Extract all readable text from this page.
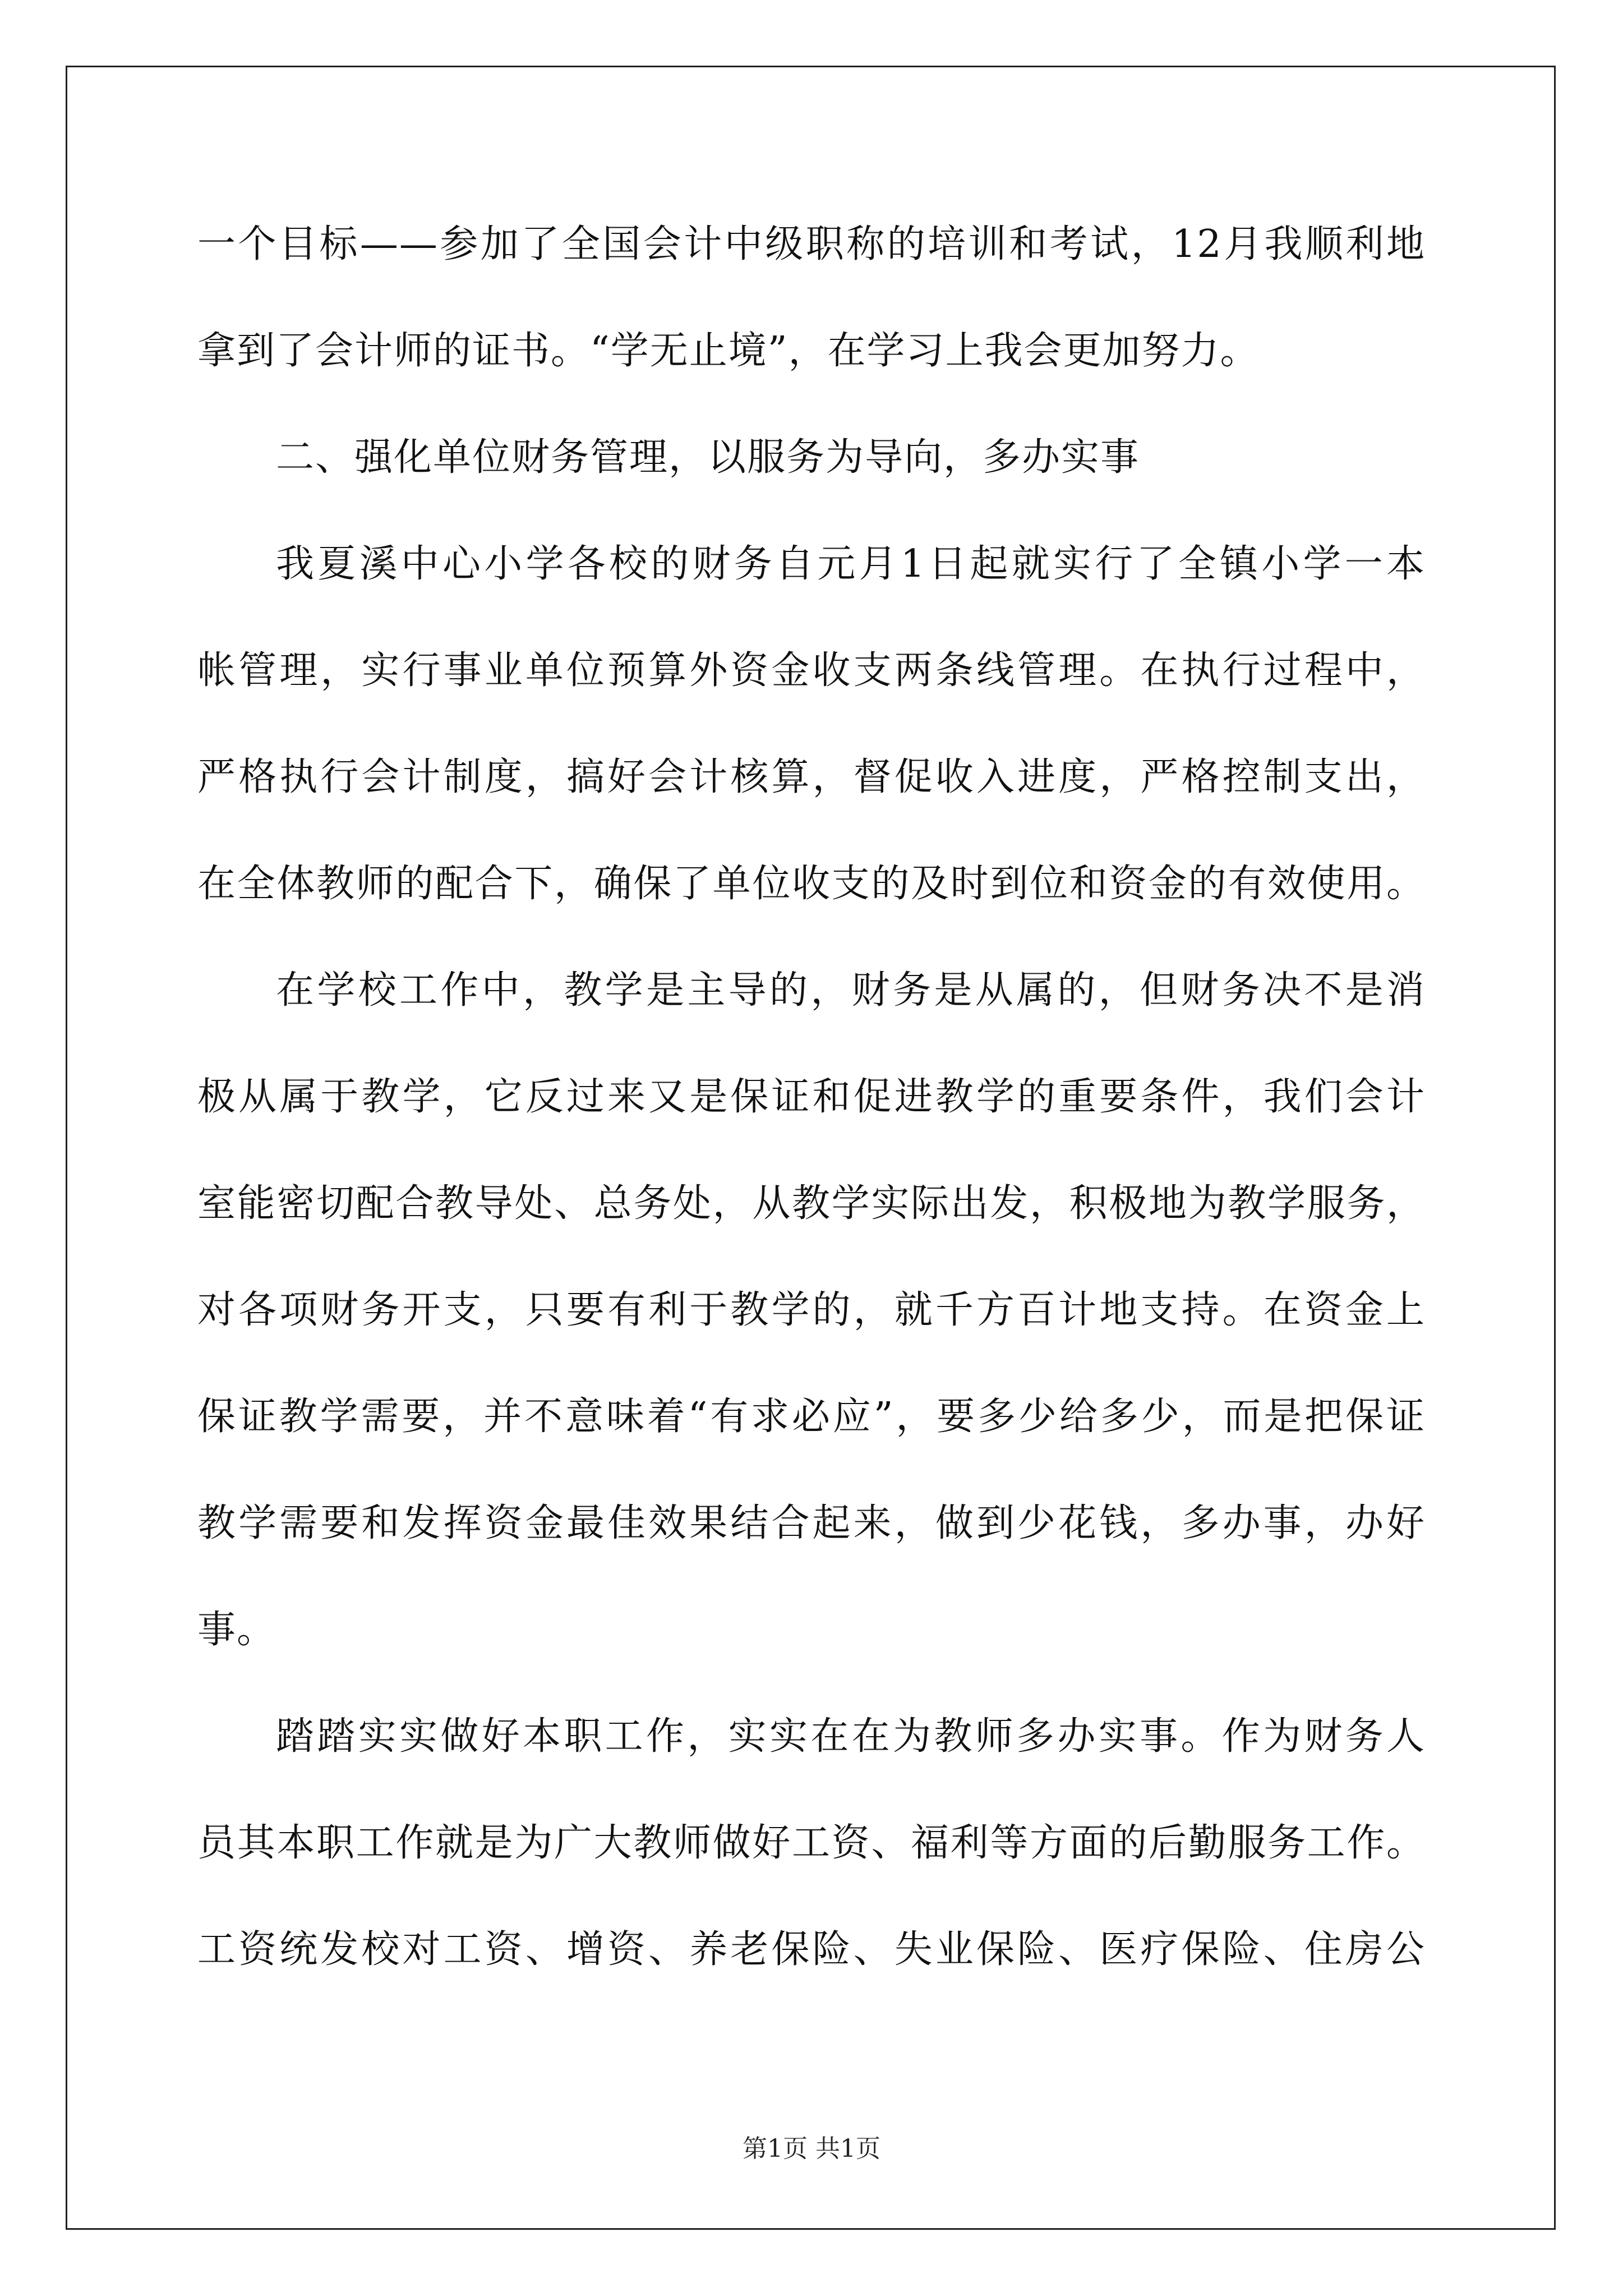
一个目标——参加了全国会计中级职称的培训和考试，12月我顺利地
拿到了会计师的证书。“学无止境”，在学习上我会更加努力。
二、强化单位财务管理，以服务为导向，多办实事
我夏溪中心小学各校的财务自元月1日起就实行了全镇小学一本
帐管理，实行事业单位预算外资金收支两条线管理。在执行过程中，
严格执行会计制度，搞好会计核算，督促收入进度，严格控制支出，
在全体教师的配合下，确保了单位收支的及时到位和资金的有效使用。
在学校工作中，教学是主导的，财务是从属的，但财务决不是消
极从属于教学，它反过来又是保证和促进教学的重要条件，我们会计
室能密切配合教导处、总务处，从教学实际出发，积极地为教学服务，
对各项财务开支，只要有利于教学的，就千方百计地支持。在资金上
保证教学需要，并不意味着“有求必应”，要多少给多少，而是把保证
教学需要和发挥资金最佳效果结合起来，做到少花钱，多办事，办好
事。
踏踏实实做好本职工作，实实在在为教师多办实事。作为财务人
员其本职工作就是为广大教师做好工资、福利等方面的后勤服务工作。
工资统发校对工资、增资、养老保险、失业保险、医疗保险、住房公
第1页 共1页
